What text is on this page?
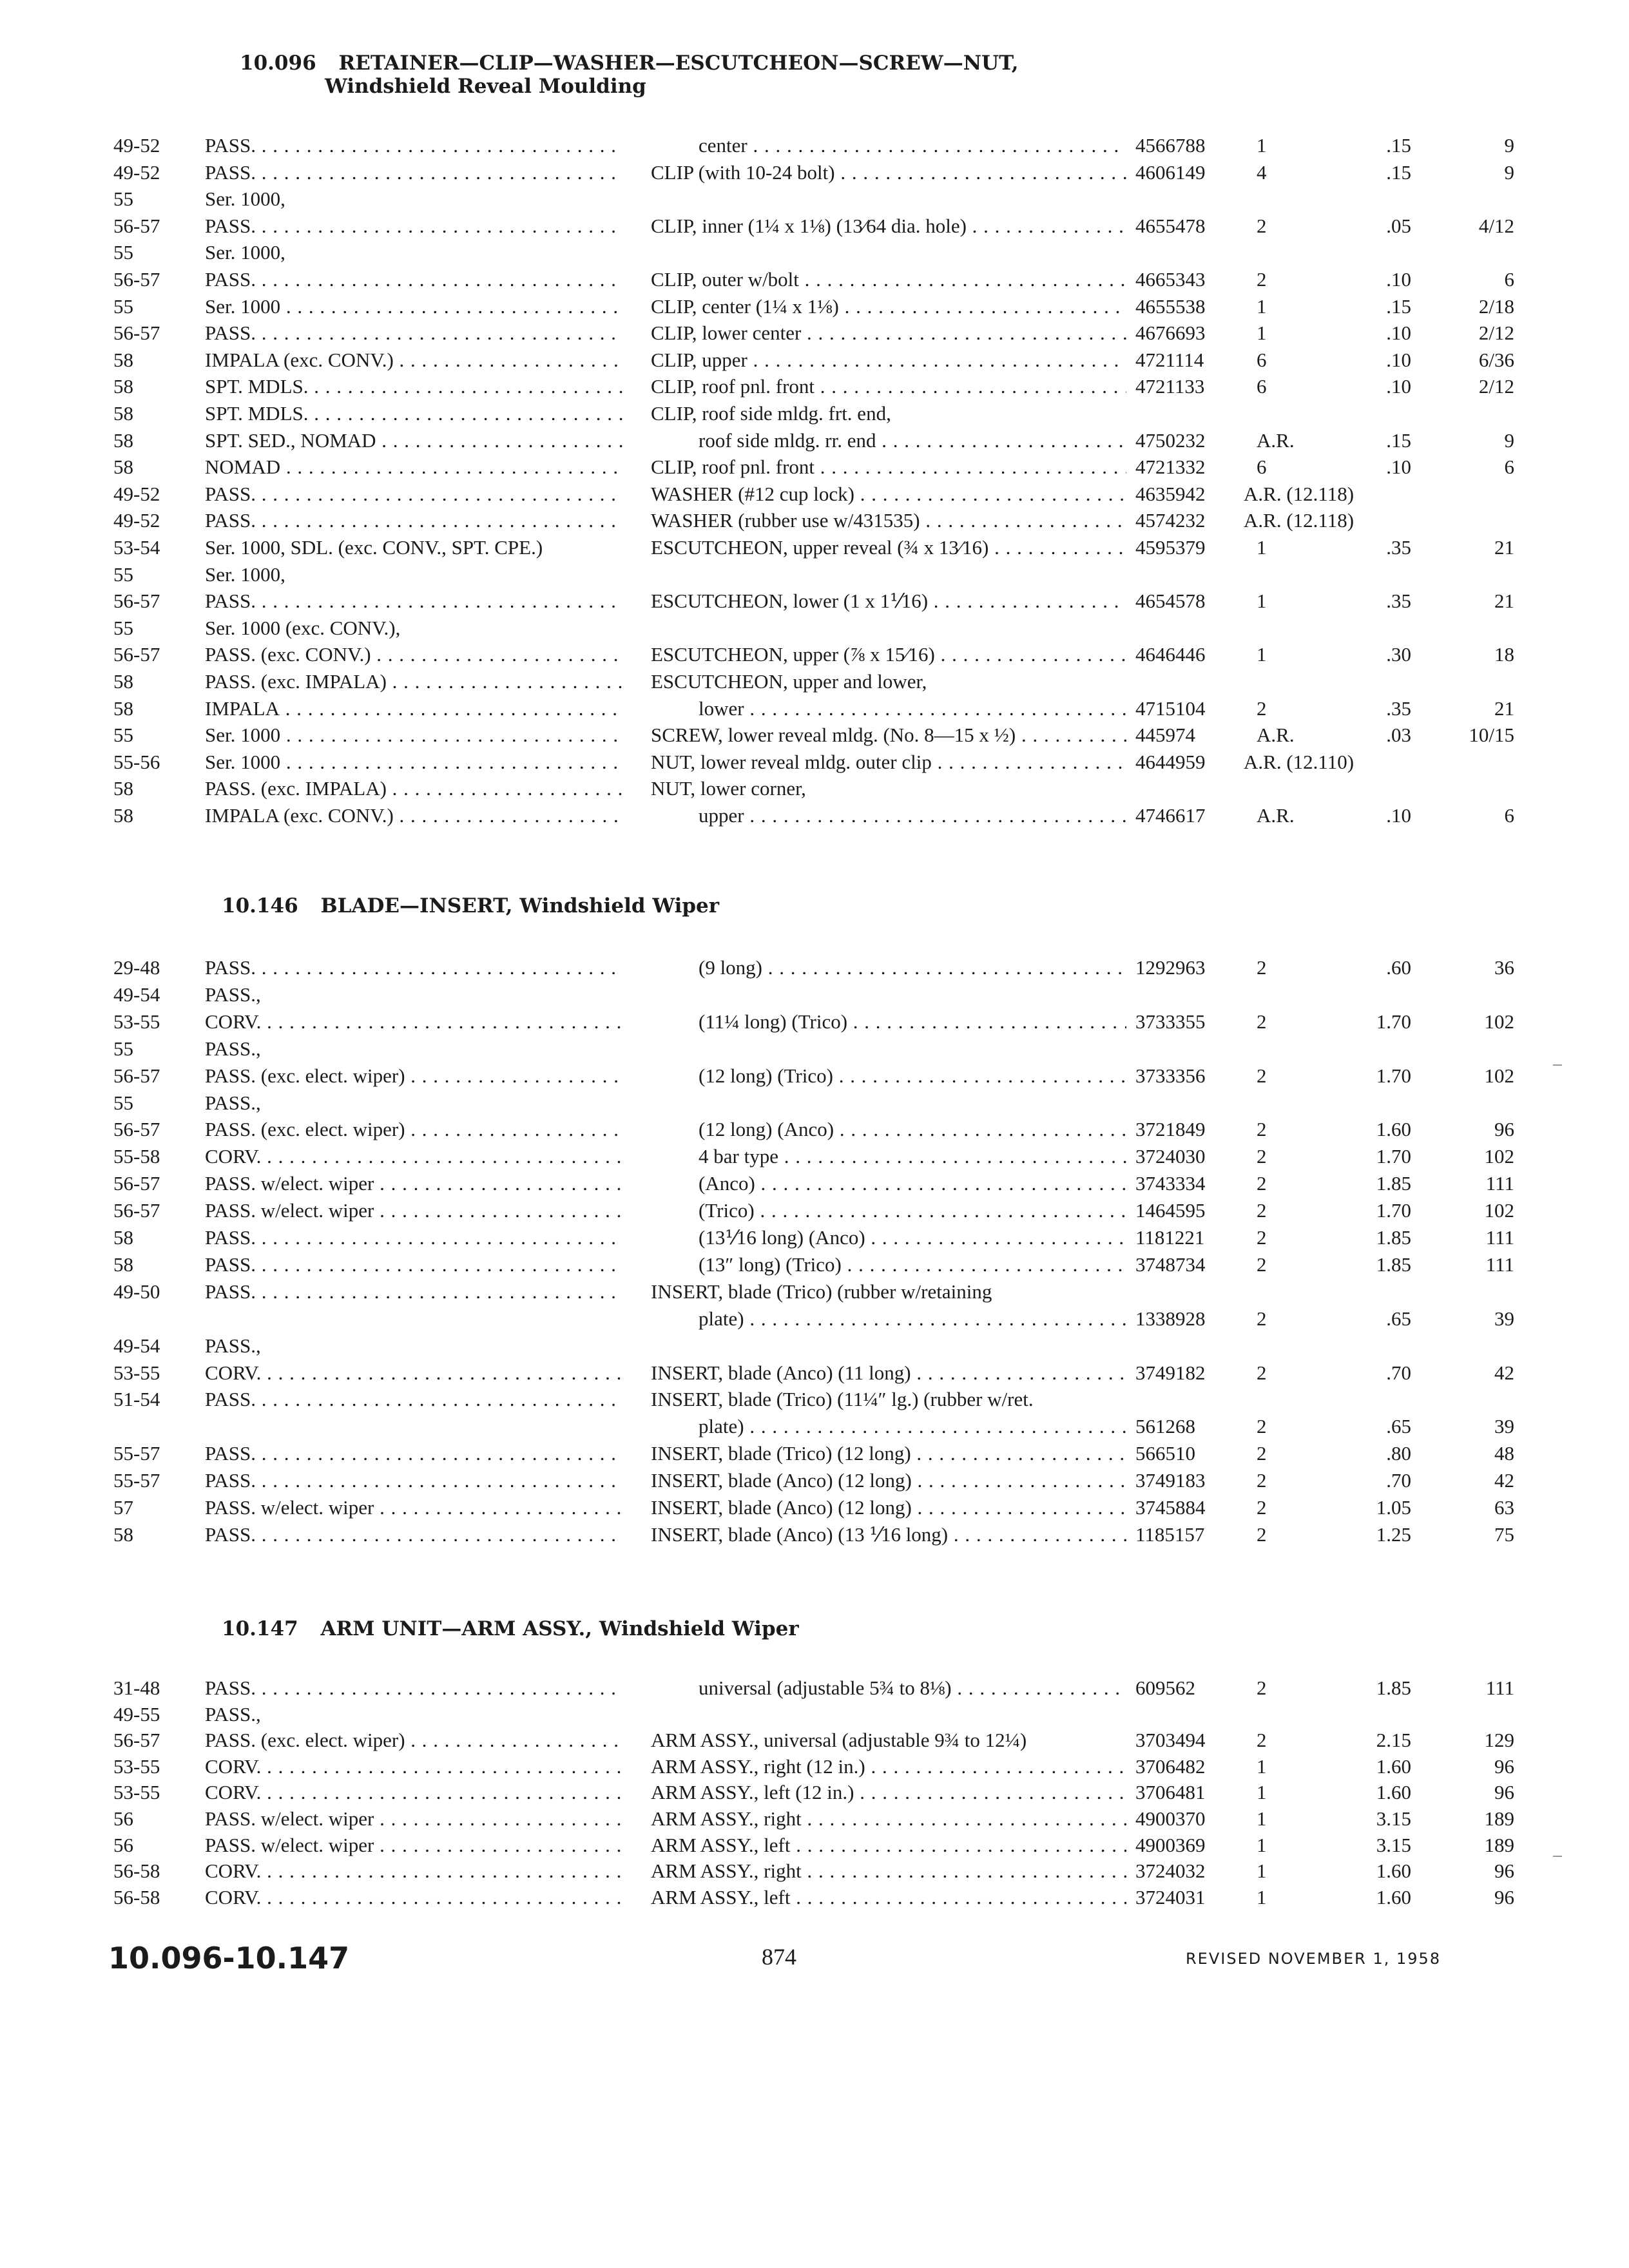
10.096 RETAINER—CLIP—WASHER—ESCUTCHEON—SCREW—NUT,
Windshield Reveal Moulding
49-52	PASS. . . .	center . . .	4566788	1	.15	9
49-52	PASS. . . .	CLIP (with 10-24 bolt) . . .	4606149	4	.15	9
55	Ser. 1000,
56-57	PASS. . . .	CLIP, inner (1¼ x 1⅛) (13⁄64 dia. hole) . . .	4655478	2	.05	4/12
55	Ser. 1000,
56-57	PASS. . . .	CLIP, outer w/bolt . . .	4665343	2	.10	6
55	Ser. 1000 . . .	CLIP, center (1¼ x 1⅛) . . .	4655538	1	.15	2/18
56-57	PASS. . . .	CLIP, lower center . . .	4676693	1	.10	2/12
58	IMPALA (exc. CONV.) . . .	CLIP, upper . . .	4721114	6	.10	6/36
58	SPT. MDLS. . . .	CLIP, roof pnl. front . . .	4721133	6	.10	2/12
58	SPT. MDLS. . . .	CLIP, roof side mldg. frt. end,
58	SPT. SED., NOMAD . . .	roof side mldg. rr. end . . .	4750232	A.R.	.15	9
58	NOMAD . . .	CLIP, roof pnl. front . . .	4721332	6	.10	6
49-52	PASS. . . .	WASHER (#12 cup lock) . . .	4635942	A.R. (12.118)
49-52	PASS. . . .	WASHER (rubber use w/431535) . . .	4574232	A.R. (12.118)
53-54	Ser. 1000, SDL. (exc. CONV., SPT. CPE.)	ESCUTCHEON, upper reveal (¾ x 13⁄16) . . .	4595379	1	.35	21
55	Ser. 1000,
56-57	PASS. . . .	ESCUTCHEON, lower (1 x 1⅟16) . . .	4654578	1	.35	21
55	Ser. 1000 (exc. CONV.),
56-57	PASS. (exc. CONV.) . . .	ESCUTCHEON, upper (⅞ x 15⁄16) . . .	4646446	1	.30	18
58	PASS. (exc. IMPALA) . . .	ESCUTCHEON, upper and lower,
58	IMPALA . . .	lower . . .	4715104	2	.35	21
55	Ser. 1000 . . .	SCREW, lower reveal mldg. (No. 8—15 x ½) . . .	445974	A.R.	.03	10/15
55-56	Ser. 1000 . . .	NUT, lower reveal mldg. outer clip . . .	4644959	A.R. (12.110)
58	PASS. (exc. IMPALA) . . .	NUT, lower corner,
58	IMPALA (exc. CONV.) . . .	upper . . .	4746617	A.R.	.10	6
10.146 BLADE—INSERT, Windshield Wiper
29-48	PASS. . . .	(9 long) . . .	1292963	2	.60	36
49-54	PASS.,
53-55	CORV. . . .	(11¼ long) (Trico) . . .	3733355	2	1.70	102
55	PASS.,
56-57	PASS. (exc. elect. wiper) . . .	(12 long) (Trico) . . .	3733356	2	1.70	102
55	PASS.,
56-57	PASS. (exc. elect. wiper) . . .	(12 long) (Anco) . . .	3721849	2	1.60	96
55-58	CORV. . . .	4 bar type . . .	3724030	2	1.70	102
56-57	PASS. w/elect. wiper . . .	(Anco) . . .	3743334	2	1.85	111
56-57	PASS. w/elect. wiper . . .	(Trico) . . .	1464595	2	1.70	102
58	PASS. . . .	(13⅟16 long) (Anco) . . .	1181221	2	1.85	111
58	PASS. . . .	(13″ long) (Trico) . . .	3748734	2	1.85	111
49-50	PASS. . . .	INSERT, blade (Trico) (rubber w/retaining
plate) . . .	1338928	2	.65	39
49-54	PASS.,
53-55	CORV. . . .	INSERT, blade (Anco) (11 long) . . .	3749182	2	.70	42
51-54	PASS. . . .	INSERT, blade (Trico) (11¼″ lg.) (rubber w/ret.
plate) . . .	561268	2	.65	39
55-57	PASS. . . .	INSERT, blade (Trico) (12 long) . . .	566510	2	.80	48
55-57	PASS. . . .	INSERT, blade (Anco) (12 long) . . .	3749183	2	.70	42
57	PASS. w/elect. wiper . . .	INSERT, blade (Anco) (12 long) . . .	3745884	2	1.05	63
58	PASS. . . .	INSERT, blade (Anco) (13 ⅟16 long) . . .	1185157	2	1.25	75
10.147 ARM UNIT—ARM ASSY., Windshield Wiper
31-48	PASS. . . .	universal (adjustable 5¾ to 8⅛) . . .	609562	2	1.85	111
49-55	PASS.,
56-57	PASS. (exc. elect. wiper) . . .	ARM ASSY., universal (adjustable 9¾ to 12¼)	3703494	2	2.15	129
53-55	CORV. . . .	ARM ASSY., right (12 in.) . . .	3706482	1	1.60	96
53-55	CORV. . . .	ARM ASSY., left (12 in.) . . .	3706481	1	1.60	96
56	PASS. w/elect. wiper . . .	ARM ASSY., right . . .	4900370	1	3.15	189
56	PASS. w/elect. wiper . . .	ARM ASSY., left . . .	4900369	1	3.15	189
56-58	CORV. . . .	ARM ASSY., right . . .	3724032	1	1.60	96
56-58	CORV. . . .	ARM ASSY., left . . .	3724031	1	1.60	96
10.096-10.147	874	REVISED NOVEMBER 1, 1958
